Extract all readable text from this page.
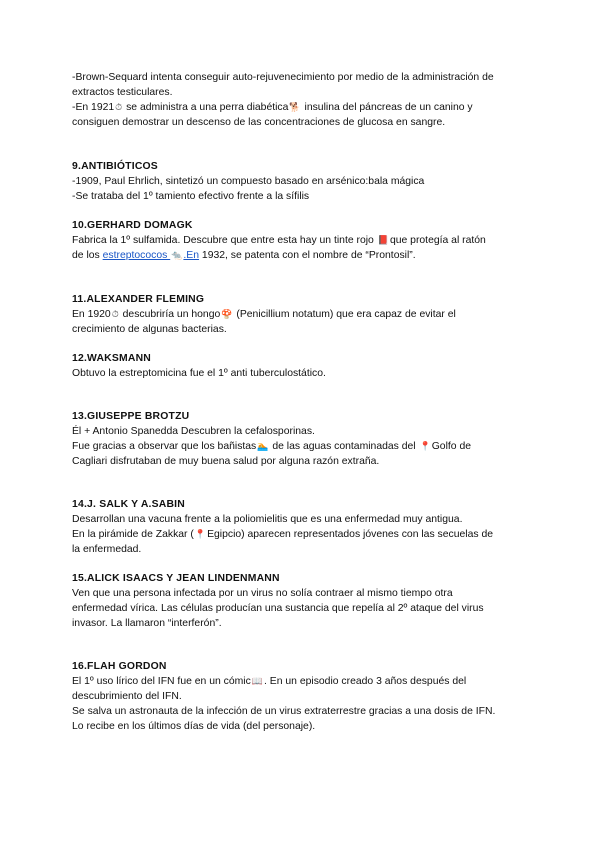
-Brown-Sequard intenta conseguir auto-rejuvenecimiento por medio de la administración de
extractos testiculares.
-En 1921⏱ se administra a una perra diabética🐕 insulina del páncreas de un canino y
consiguen demostrar un descenso de las concentraciones de glucosa en sangre.
9.ANTIBIÓTICOS
-1909, Paul Ehrlich, sintetizó un compuesto basado en arsénico:bala mágica
-Se trataba del 1º tamiento efectivo frente a la sífilis
10.GERHARD DOMAGK
Fabrica la 1º sulfamida. Descubre que entre esta hay un tinte rojo 📕que protegía al ratón
de los estreptococos 🐀.En 1932, se patenta con el nombre de “Prontosil”.
11.ALEXANDER FLEMING
En 1920⏱ descubriría un hongo🍄 (Penicillium notatum) que era capaz de evitar el
crecimiento de algunas bacterias.
12.WAKSMANN
Obtuvo la estreptomicina fue el 1º anti tuberculostático.
13.GIUSEPPE BROTZU
Él + Antonio Spanedda Descubren la cefalosporinas.
Fue gracias a observar que los bañistas🏊 de las aguas contaminadas del 📍Golfo de
Cagliari disfrutaban de muy buena salud por alguna razón extraña.
14.J. SALK Y A.SABIN
Desarrollan una vacuna frente a la poliomielitis que es una enfermedad muy antigua.
En la pirámide de Zakkar (📍Egipcio) aparecen representados jóvenes con las secuelas de
la enfermedad.
15.ALICK ISAACS Y JEAN LINDENMANN
Ven que una persona infectada por un virus no solía contraer al mismo tiempo otra
enfermedad vírica. Las células producían una sustancia que repelía al 2º ataque del virus
invasor. La llamaron “interferón”.
16.FLAH GORDON
El 1º uso lírico del IFN fue en un cómic📖. En un episodio creado 3 años después del
descubrimiento del IFN.
Se salva un astronauta de la infección de un virus extraterrestre gracias a una dosis de IFN.
Lo recibe en los últimos días de vida (del personaje).
